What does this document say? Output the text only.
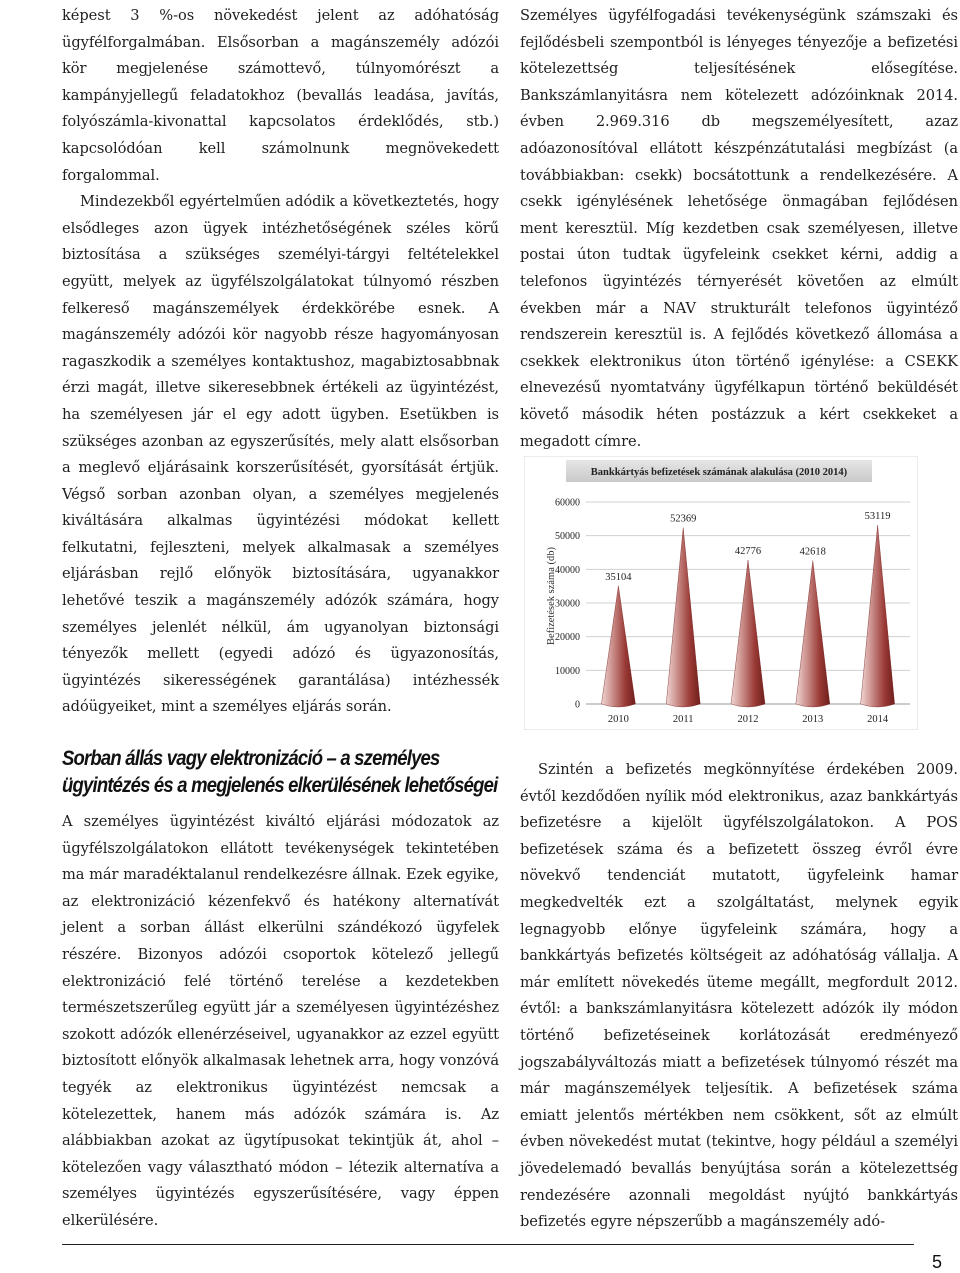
képest 3 %-os növekedést jelent az adóhatóság ügyfélforgalmában. Elsősorban a magánszemély adózói kör megjelenése számottevő, túlnyomórészt a kampányjellegű feladatokhoz (bevallás leadása, javítás, folyószámla-kivonattal kapcsolatos érdeklődés, stb.) kapcsolódóan kell számolnunk megnövekedett forgalommal.

Mindezekből egyértelműen adódik a következtetés, hogy elsődleges azon ügyek intézhetőségének széles körű biztosítása a szükséges személyi-tárgyi feltételekkel együtt, melyek az ügyfélszolgálatokat túlnyomó részben felkereső magánszemélyek érdekkörébe esnek. A magánszemély adózói kör nagyobb része hagyományosan ragaszkodik a személyes kontaktushoz, magabiztosabbnak érzi magát, illetve sikeresebbnek értékeli az ügyintézést, ha személyesen jár el egy adott ügyben. Esetükben is szükséges azonban az egyszerűsítés, mely alatt elsősorban a meglevő eljárásaink korszerűsítését, gyorsítását értjük. Végső sorban azonban olyan, a személyes megjelenés kiváltására alkalmas ügyintézési módokat kellett felkutatni, fejleszteni, melyek alkalmasak a személyes eljárásban rejlő előnyök biztosítására, ugyanakkor lehetővé teszik a magánszemély adózók számára, hogy személyes jelenlét nélkül, ám ugyanolyan biztonsági tényezők mellett (egyedi adózó és ügyazonosítás, ügyintézés sikerességének garantálása) intézhessék adóügyeiket, mint a személyes eljárás során.

Sorban állás vagy elektronizáció – a személyes
ügyintézés és a megjelenés elkerülésének lehetőségei

A személyes ügyintézést kiváltó eljárási módozatok az ügyfélszolgálatokon ellátott tevékenységek tekintetében ma már maradéktalanul rendelkezésre állnak. Ezek egyike, az elektronizáció kézenfekvő és hatékony alternatívát jelent a sorban állást elkerülni szándékozó ügyfelek részére. Bizonyos adózói csoportok kötelező jellegű elektronizáció felé történő terelése a kezdetekben természetszerűleg együtt jár a személyesen ügyintézéshez szokott adózók ellenérzéseivel, ugyanakkor az ezzel együtt biztosított előnyök alkalmasak lehetnek arra, hogy vonzóvá tegyék az elektronikus ügyintézést nemcsak a kötelezettek, hanem más adózók számára is. Az alábbiakban azokat az ügytípusokat tekintjük át, ahol – kötelezően vagy választható módon – létezik alternatíva a személyes ügyintézés egyszerűsítésére, vagy éppen elkerülésére.

Személyes ügyfélfogadási tevékenységünk számszaki és fejlődésbeli szempontból is lényeges tényezője a befizetési kötelezettség teljesítésének elősegítése. Bankszámlanyitásra nem kötelezett adózóinknak 2014. évben 2.969.316 db megszemélyesített, azaz adóazonosítóval ellátott készpénzátutalási megbízást (a továbbiakban: csekk) bocsátottunk a rendelkezésére. A csekk igénylésének lehetősége önmagában fejlődésen ment keresztül. Míg kezdetben csak személyesen, illetve postai úton tudtak ügyfeleink csekket kérni, addig a telefonos ügyintézés térnyerését követően az elmúlt években már a NAV strukturált telefonos ügyintéző rendszerein keresztül is. A fejlődés következő állomása a csekkek elektronikus úton történő igénylése: a CSEKK elnevezésű nyomtatvány ügyfélkapun történő beküldését követő második héten postázzuk a kért csekkeket a megadott címre.

Bankkártyás befizetések számának alakulása (2010 2014)
Befizetések száma (db)
0
10000
20000
30000
40000
50000
60000
35104
2010
52369
2011
42776
2012
42618
2013
53119
2014

Szintén a befizetés megkönnyítése érdekében 2009. évtől kezdődően nyílik mód elektronikus, azaz bankkártyás befizetésre a kijelölt ügyfélszolgálatokon. A POS befizetések száma és a befizetett összeg évről évre növekvő tendenciát mutatott, ügyfeleink hamar megkedvelték ezt a szolgáltatást, melynek egyik legnagyobb előnye ügyfeleink számára, hogy a bankkártyás befizetés költségeit az adóhatóság vállalja. A már említett növekedés üteme megállt, megfordult 2012. évtől: a bankszámlanyitásra kötelezett adózók ily módon történő befizetéseinek korlátozását eredményező jogszabályváltozás miatt a befizetések túlnyomó részét ma már magánszemélyek teljesítik. A befizetések száma emiatt jelentős mértékben nem csökkent, sőt az elmúlt évben növekedést mutat (tekintve, hogy például a személyi jövedelemadó bevallás benyújtása során a kötelezettség rendezésére azonnali megoldást nyújtó bankkártyás befizetés egyre népszerűbb a magánszemély adó-

5
